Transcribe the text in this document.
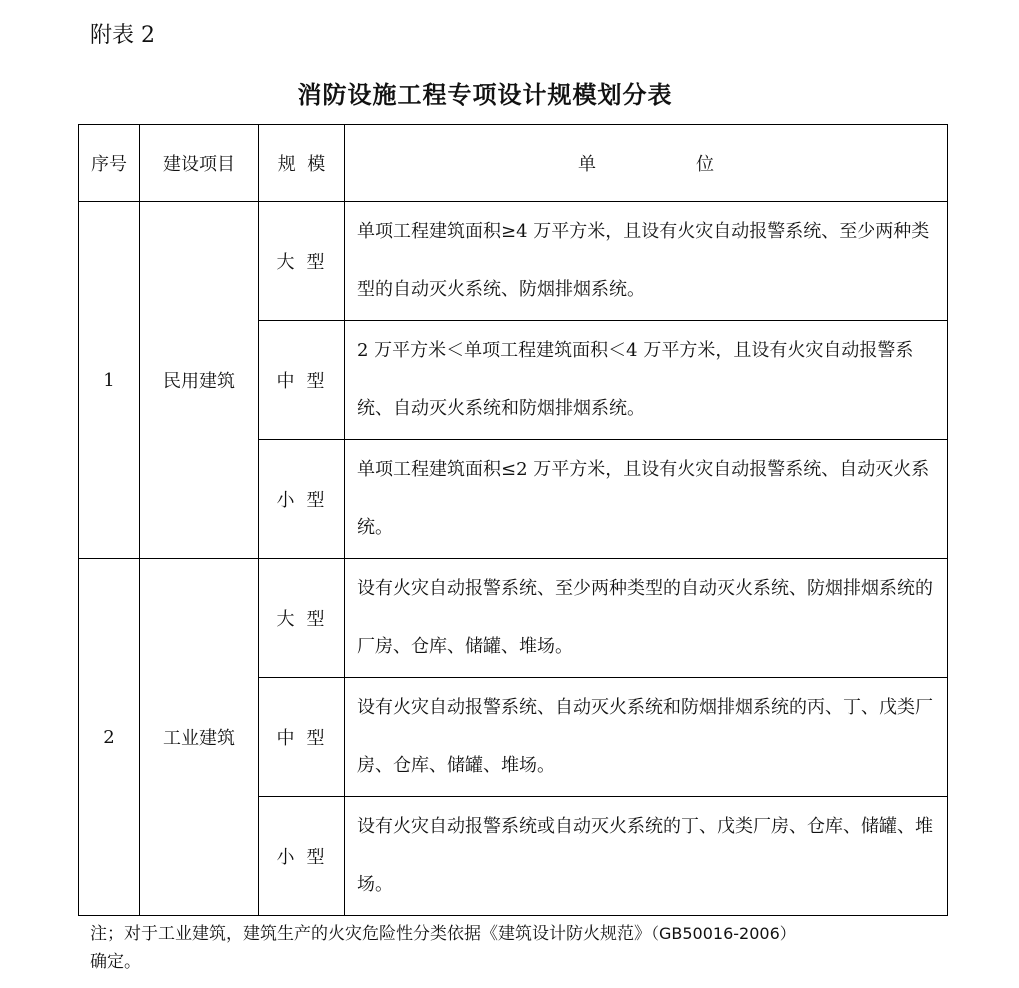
附表 2
消防设施工程专项设计规模划分表
序号	建设项目	规  模	单 位
1	民用建筑	大型	单项工程建筑面积≥4 万平方米，且设有火灾自动报警系统、至少两种类型的自动灭火系统、防烟排烟系统。
		中型	2 万平方米＜单项工程建筑面积＜4 万平方米，且设有火灾自动报警系统、自动灭火系统和防烟排烟系统。
		小型	单项工程建筑面积≤2 万平方米，且设有火灾自动报警系统、自动灭火系统。
2	工业建筑	大型	设有火灾自动报警系统、至少两种类型的自动灭火系统、防烟排烟系统的厂房、仓库、储罐、堆场。
		中型	设有火灾自动报警系统、自动灭火系统和防烟排烟系统的丙、丁、戊类厂房、仓库、储罐、堆场。
		小型	设有火灾自动报警系统或自动灭火系统的丁、戊类厂房、仓库、储罐、堆场。
注；对于工业建筑，建筑生产的火灾危险性分类依据《建筑设计防火规范》（GB50016-2006）
确定。
